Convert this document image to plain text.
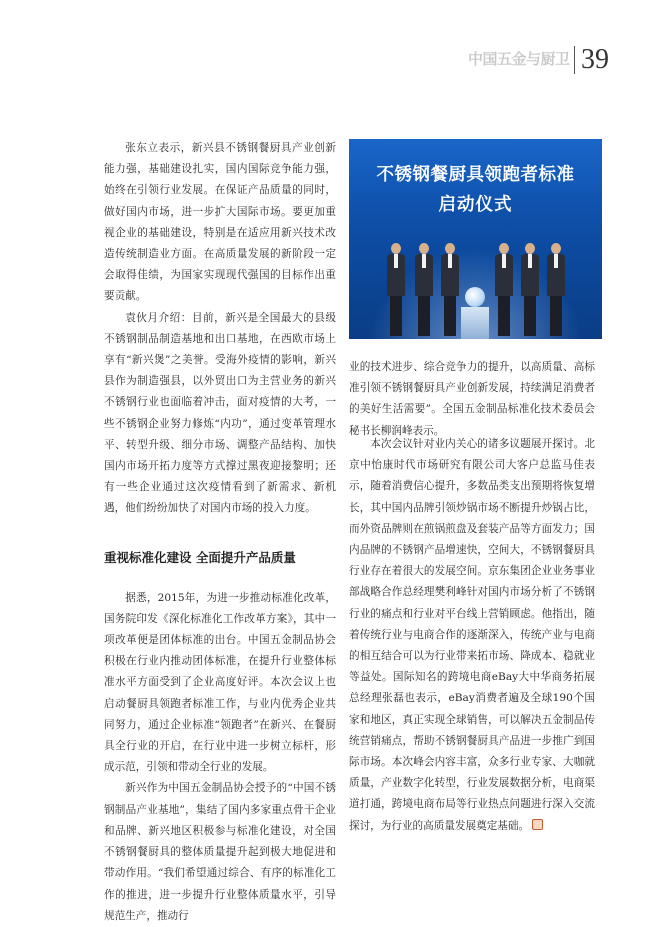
中国五金与厨卫 39
不锈钢餐厨具领跑者标准
启动仪式

张东立表示，新兴县不锈钢餐厨具产业创新能力强，基础建设扎实，国内国际竞争能力强，始终在引领行业发展。在保证产品质量的同时，做好国内市场，进一步扩大国际市场。要更加重视企业的基础建设，特别是在适应用新兴技术改造传统制造业方面。在高质量发展的新阶段一定会取得佳绩，为国家实现现代强国的目标作出重要贡献。

袁伙月介绍：目前，新兴是全国最大的县级不锈钢制品制造基地和出口基地，在西欧市场上享有“新兴煲”之美誉。受海外疫情的影响，新兴县作为制造强县，以外贸出口为主营业务的新兴不锈钢行业也面临着冲击，面对疫情的大考，一些不锈钢企业努力修炼“内功”，通过变革管理水平、转型升级、细分市场、调整产品结构、加快国内市场开拓力度等方式撑过黑夜迎接黎明；还有一些企业通过这次疫情看到了新需求、新机遇，他们纷纷加快了对国内市场的投入力度。

重视标准化建设 全面提升产品质量

据悉，2015年，为进一步推动标准化改革，国务院印发《深化标准化工作改革方案》，其中一项改革便是团体标准的出台。中国五金制品协会积极在行业内推动团体标准，在提升行业整体标准水平方面受到了企业高度好评。本次会议上也启动餐厨具领跑者标准工作，与业内优秀企业共同努力，通过企业标准“领跑者”在新兴、在餐厨具全行业的开启，在行业中进一步树立标杆，形成示范，引领和带动全行业的发展。

新兴作为中国五金制品协会授予的“中国不锈钢制品产业基地”，集结了国内多家重点骨干企业和品牌、新兴地区积极参与标准化建设，对全国不锈钢餐厨具的整体质量提升起到极大地促进和带动作用。“我们希望通过综合、有序的标准化工作的推进，进一步提升行业整体质量水平，引导规范生产，推动行

业的技术进步、综合竞争力的提升，以高质量、高标准引领不锈钢餐厨具产业创新发展，持续满足消费者的美好生活需要”。全国五金制品标准化技术委员会秘书长柳润峰表示。

本次会议针对业内关心的诸多议题展开探讨。北京中怡康时代市场研究有限公司大客户总监马佳表示，随着消费信心提升，多数品类支出预期将恢复增长，其中国内品牌引领炒锅市场不断提升炒锅占比，而外资品牌则在煎锅煎盘及套装产品等方面发力；国内品牌的不锈钢产品增速快，空间大，不锈钢餐厨具行业存在着很大的发展空间。京东集团企业业务事业部战略合作总经理樊利峰针对国内市场分析了不锈钢行业的痛点和行业对平台线上营销顾虑。他指出，随着传统行业与电商合作的逐渐深入，传统产业与电商的相互结合可以为行业带来拓市场、降成本、稳就业等益处。国际知名的跨境电商eBay大中华商务拓展总经理张磊也表示，eBay消费者遍及全球190个国家和地区，真正实现全球销售，可以解决五金制品传统营销痛点，帮助不锈钢餐厨具产品进一步推广到国际市场。本次峰会内容丰富，众多行业专家、大咖就质量，产业数字化转型，行业发展数据分析，电商渠道打通，跨境电商布局等行业热点问题进行深入交流探讨，为行业的高质量发展奠定基础。
